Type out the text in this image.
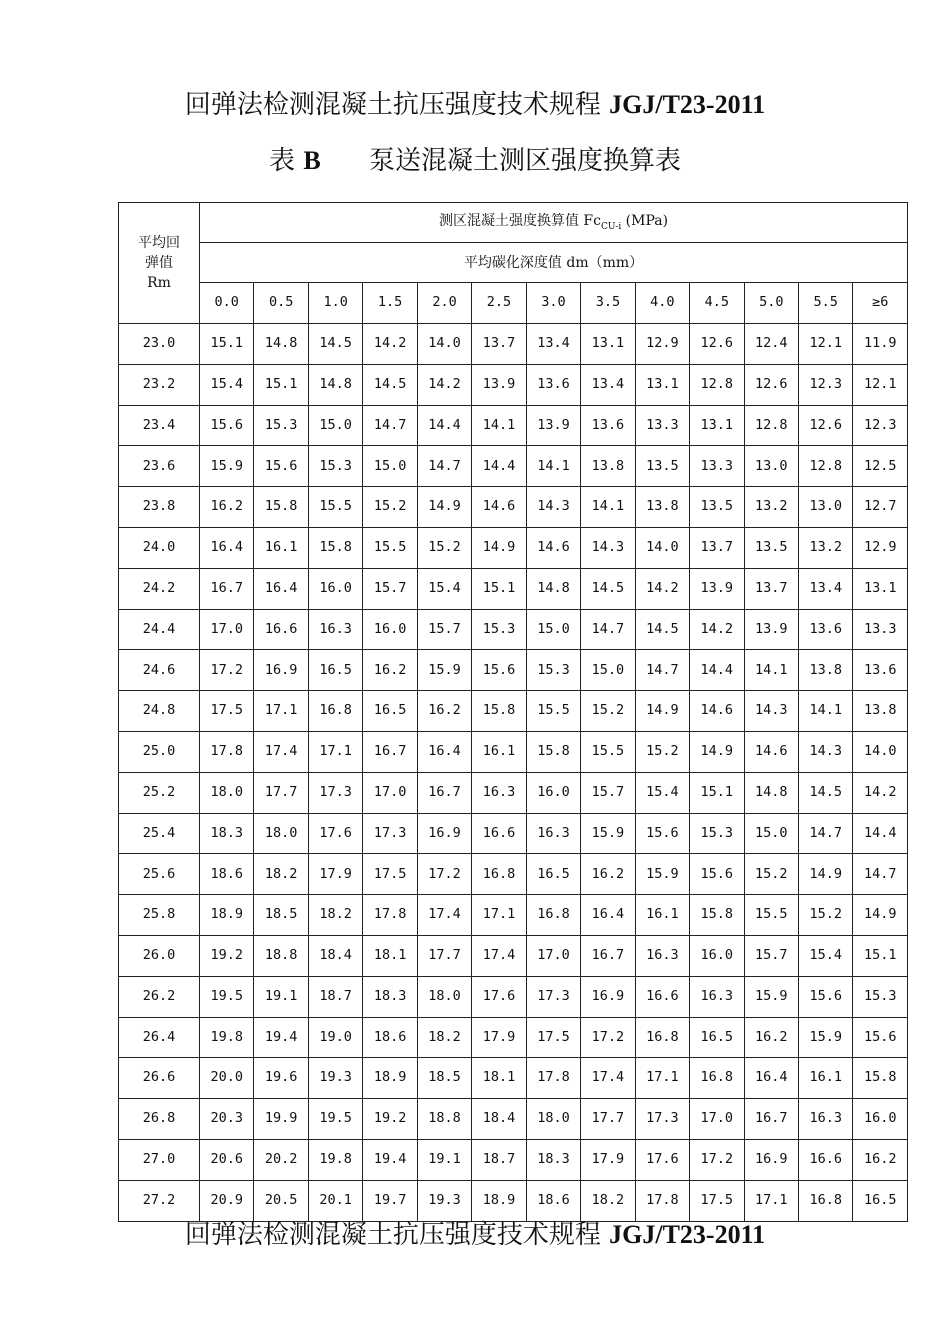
回弹法检测混凝土抗压强度技术规程 JGJ/T23-2011
表 B 泵送混凝土测区强度换算表
平均回
弹值
Rm	测区混凝土强度换算值 $Fc_{CU-i}$ (MPa)												
	平均碳化深度值 dm（mm）												
	0.0	0.5	1.0	1.5	2.0	2.5	3.0	3.5	4.0	4.5	5.0	5.5	≥6
23.0	15.1	14.8	14.5	14.2	14.0	13.7	13.4	13.1	12.9	12.6	12.4	12.1	11.9
23.2	15.4	15.1	14.8	14.5	14.2	13.9	13.6	13.4	13.1	12.8	12.6	12.3	12.1
23.4	15.6	15.3	15.0	14.7	14.4	14.1	13.9	13.6	13.3	13.1	12.8	12.6	12.3
23.6	15.9	15.6	15.3	15.0	14.7	14.4	14.1	13.8	13.5	13.3	13.0	12.8	12.5
23.8	16.2	15.8	15.5	15.2	14.9	14.6	14.3	14.1	13.8	13.5	13.2	13.0	12.7
24.0	16.4	16.1	15.8	15.5	15.2	14.9	14.6	14.3	14.0	13.7	13.5	13.2	12.9
24.2	16.7	16.4	16.0	15.7	15.4	15.1	14.8	14.5	14.2	13.9	13.7	13.4	13.1
24.4	17.0	16.6	16.3	16.0	15.7	15.3	15.0	14.7	14.5	14.2	13.9	13.6	13.3
24.6	17.2	16.9	16.5	16.2	15.9	15.6	15.3	15.0	14.7	14.4	14.1	13.8	13.6
24.8	17.5	17.1	16.8	16.5	16.2	15.8	15.5	15.2	14.9	14.6	14.3	14.1	13.8
25.0	17.8	17.4	17.1	16.7	16.4	16.1	15.8	15.5	15.2	14.9	14.6	14.3	14.0
25.2	18.0	17.7	17.3	17.0	16.7	16.3	16.0	15.7	15.4	15.1	14.8	14.5	14.2
25.4	18.3	18.0	17.6	17.3	16.9	16.6	16.3	15.9	15.6	15.3	15.0	14.7	14.4
25.6	18.6	18.2	17.9	17.5	17.2	16.8	16.5	16.2	15.9	15.6	15.2	14.9	14.7
25.8	18.9	18.5	18.2	17.8	17.4	17.1	16.8	16.4	16.1	15.8	15.5	15.2	14.9
26.0	19.2	18.8	18.4	18.1	17.7	17.4	17.0	16.7	16.3	16.0	15.7	15.4	15.1
26.2	19.5	19.1	18.7	18.3	18.0	17.6	17.3	16.9	16.6	16.3	15.9	15.6	15.3
26.4	19.8	19.4	19.0	18.6	18.2	17.9	17.5	17.2	16.8	16.5	16.2	15.9	15.6
26.6	20.0	19.6	19.3	18.9	18.5	18.1	17.8	17.4	17.1	16.8	16.4	16.1	15.8
26.8	20.3	19.9	19.5	19.2	18.8	18.4	18.0	17.7	17.3	17.0	16.7	16.3	16.0
27.0	20.6	20.2	19.8	19.4	19.1	18.7	18.3	17.9	17.6	17.2	16.9	16.6	16.2
27.2	20.9	20.5	20.1	19.7	19.3	18.9	18.6	18.2	17.8	17.5	17.1	16.8	16.5
回弹法检测混凝土抗压强度技术规程 JGJ/T23-2011
